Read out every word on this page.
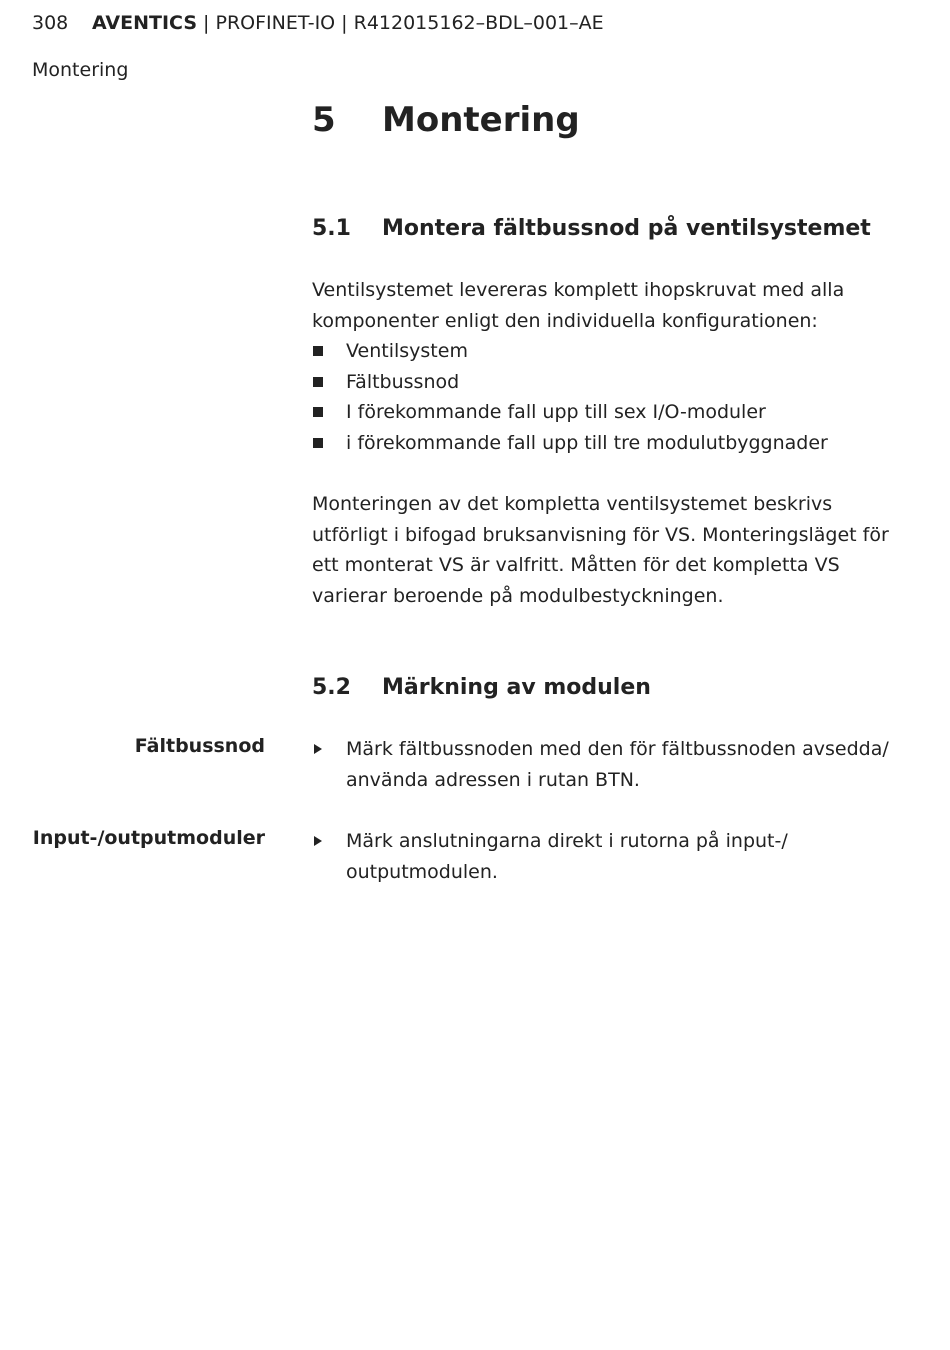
308 AVENTICS | PROFINET-IO | R412015162–BDL–001–AE
Montering
5 Montering
5.1 Montera fältbussnod på ventilsystemet
Ventilsystemet levereras komplett ihopskruvat med alla komponenter enligt den individuella konfigurationen:
Ventilsystem
Fältbussnod
I förekommande fall upp till sex I/O-moduler
i förekommande fall upp till tre modulutbyggnader
Monteringen av det kompletta ventilsystemet beskrivs utförligt i bifogad bruksanvisning för VS. Monteringsläget för ett monterat VS är valfritt. Måtten för det kompletta VS varierar beroende på modulbestyckningen.
5.2 Märkning av modulen
Fältbussnod	Märk fältbussnoden med den för fältbussnoden avsedda/ använda adressen i rutan BTN.
Input-/outputmoduler	Märk anslutningarna direkt i rutorna på input-/ outputmodulen.
